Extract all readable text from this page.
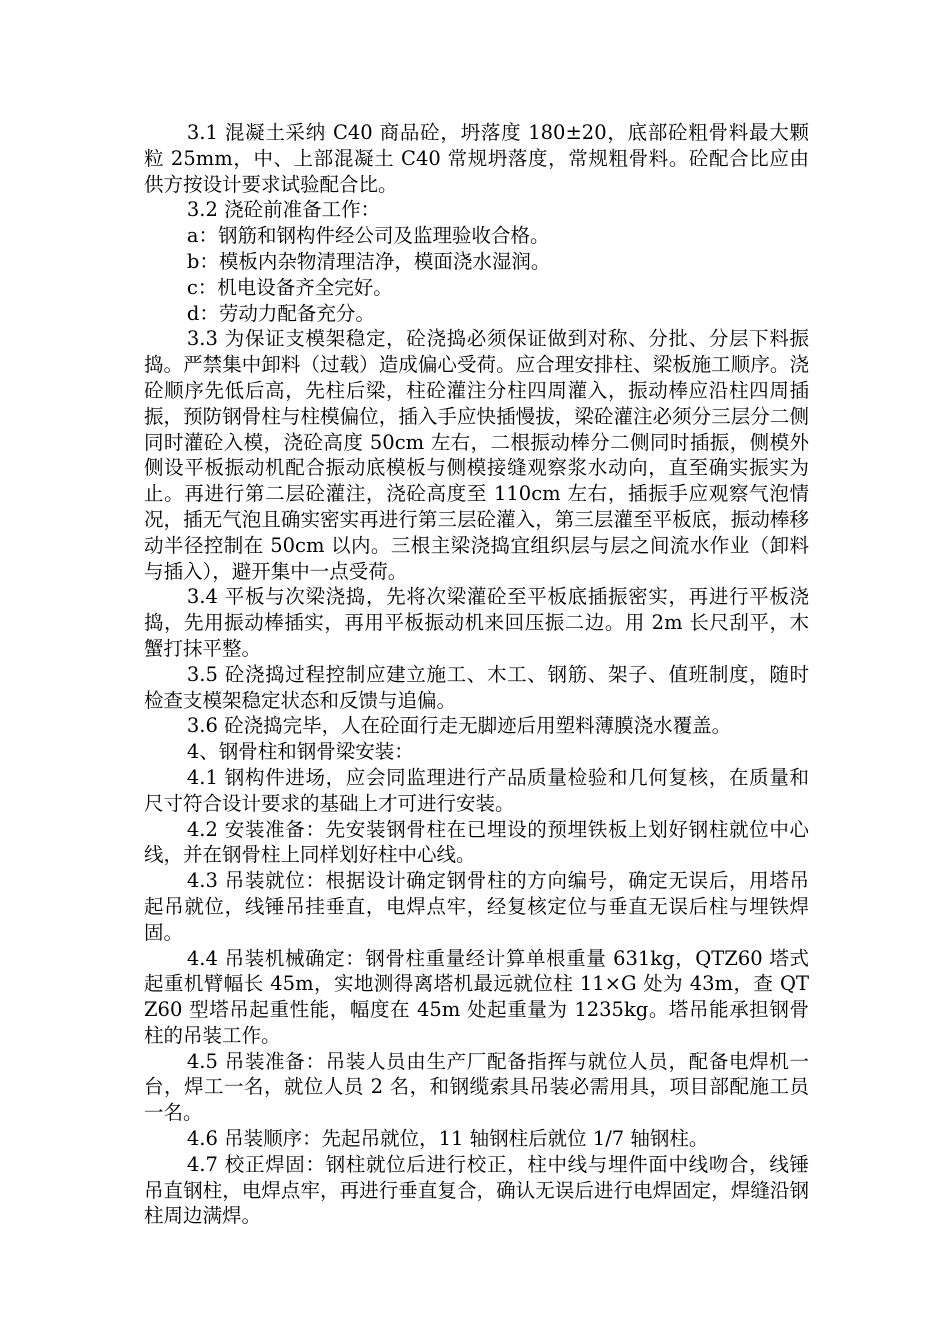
3.1 混凝土采纳 C40 商品砼，坍落度 180±20，底部砼粗骨料最大颗粒 25mm，中、上部混凝土 C40 常规坍落度，常规粗骨料。砼配合比应由供方按设计要求试验配合比。

3.2 浇砼前准备工作：

a：钢筋和钢构件经公司及监理验收合格。

b：模板内杂物清理洁净，模面浇水湿润。

c：机电设备齐全完好。

d：劳动力配备充分。

3.3 为保证支模架稳定，砼浇捣必须保证做到对称、分批、分层下料振捣。严禁集中卸料（过载）造成偏心受荷。应合理安排柱、梁板施工顺序。浇砼顺序先低后高，先柱后梁，柱砼灌注分柱四周灌入，振动棒应沿柱四周插振，预防钢骨柱与柱模偏位，插入手应快插慢拔，梁砼灌注必须分三层分二侧同时灌砼入模，浇砼高度 50cm 左右，二根振动棒分二侧同时插振，侧模外侧设平板振动机配合振动底模板与侧模接缝观察浆水动向，直至确实振实为止。再进行第二层砼灌注，浇砼高度至 110cm 左右，插振手应观察气泡情况，插无气泡且确实密实再进行第三层砼灌入，第三层灌至平板底，振动棒移动半径控制在 50cm 以内。三根主梁浇捣宜组织层与层之间流水作业（卸料与插入），避开集中一点受荷。

3.4 平板与次梁浇捣，先将次梁灌砼至平板底插振密实，再进行平板浇捣，先用振动棒插实，再用平板振动机来回压振二边。用 2m 长尺刮平，木蟹打抹平整。

3.5 砼浇捣过程控制应建立施工、木工、钢筋、架子、值班制度，随时检查支模架稳定状态和反馈与追偏。

3.6 砼浇捣完毕，人在砼面行走无脚迹后用塑料薄膜浇水覆盖。

4、钢骨柱和钢骨梁安装：

4.1 钢构件进场，应会同监理进行产品质量检验和几何复核，在质量和尺寸符合设计要求的基础上才可进行安装。

4.2 安装准备：先安装钢骨柱在已埋设的预埋铁板上划好钢柱就位中心线，并在钢骨柱上同样划好柱中心线。

4.3 吊装就位：根据设计确定钢骨柱的方向编号，确定无误后，用塔吊起吊就位，线锤吊挂垂直，电焊点牢，经复核定位与垂直无误后柱与埋铁焊固。

4.4 吊装机械确定：钢骨柱重量经计算单根重量 631kg，QTZ60 塔式起重机臂幅长 45m，实地测得离塔机最远就位柱 11×G 处为 43m，查 QTZ60 型塔吊起重性能，幅度在 45m 处起重量为 1235kg。塔吊能承担钢骨柱的吊装工作。

4.5 吊装准备：吊装人员由生产厂配备指挥与就位人员，配备电焊机一台，焊工一名，就位人员 2 名，和钢缆索具吊装必需用具，项目部配施工员一名。

4.6 吊装顺序：先起吊就位，11 轴钢柱后就位 1/7 轴钢柱。

4.7 校正焊固：钢柱就位后进行校正，柱中线与埋件面中线吻合，线锤吊直钢柱，电焊点牢，再进行垂直复合，确认无误后进行电焊固定，焊缝沿钢柱周边满焊。
